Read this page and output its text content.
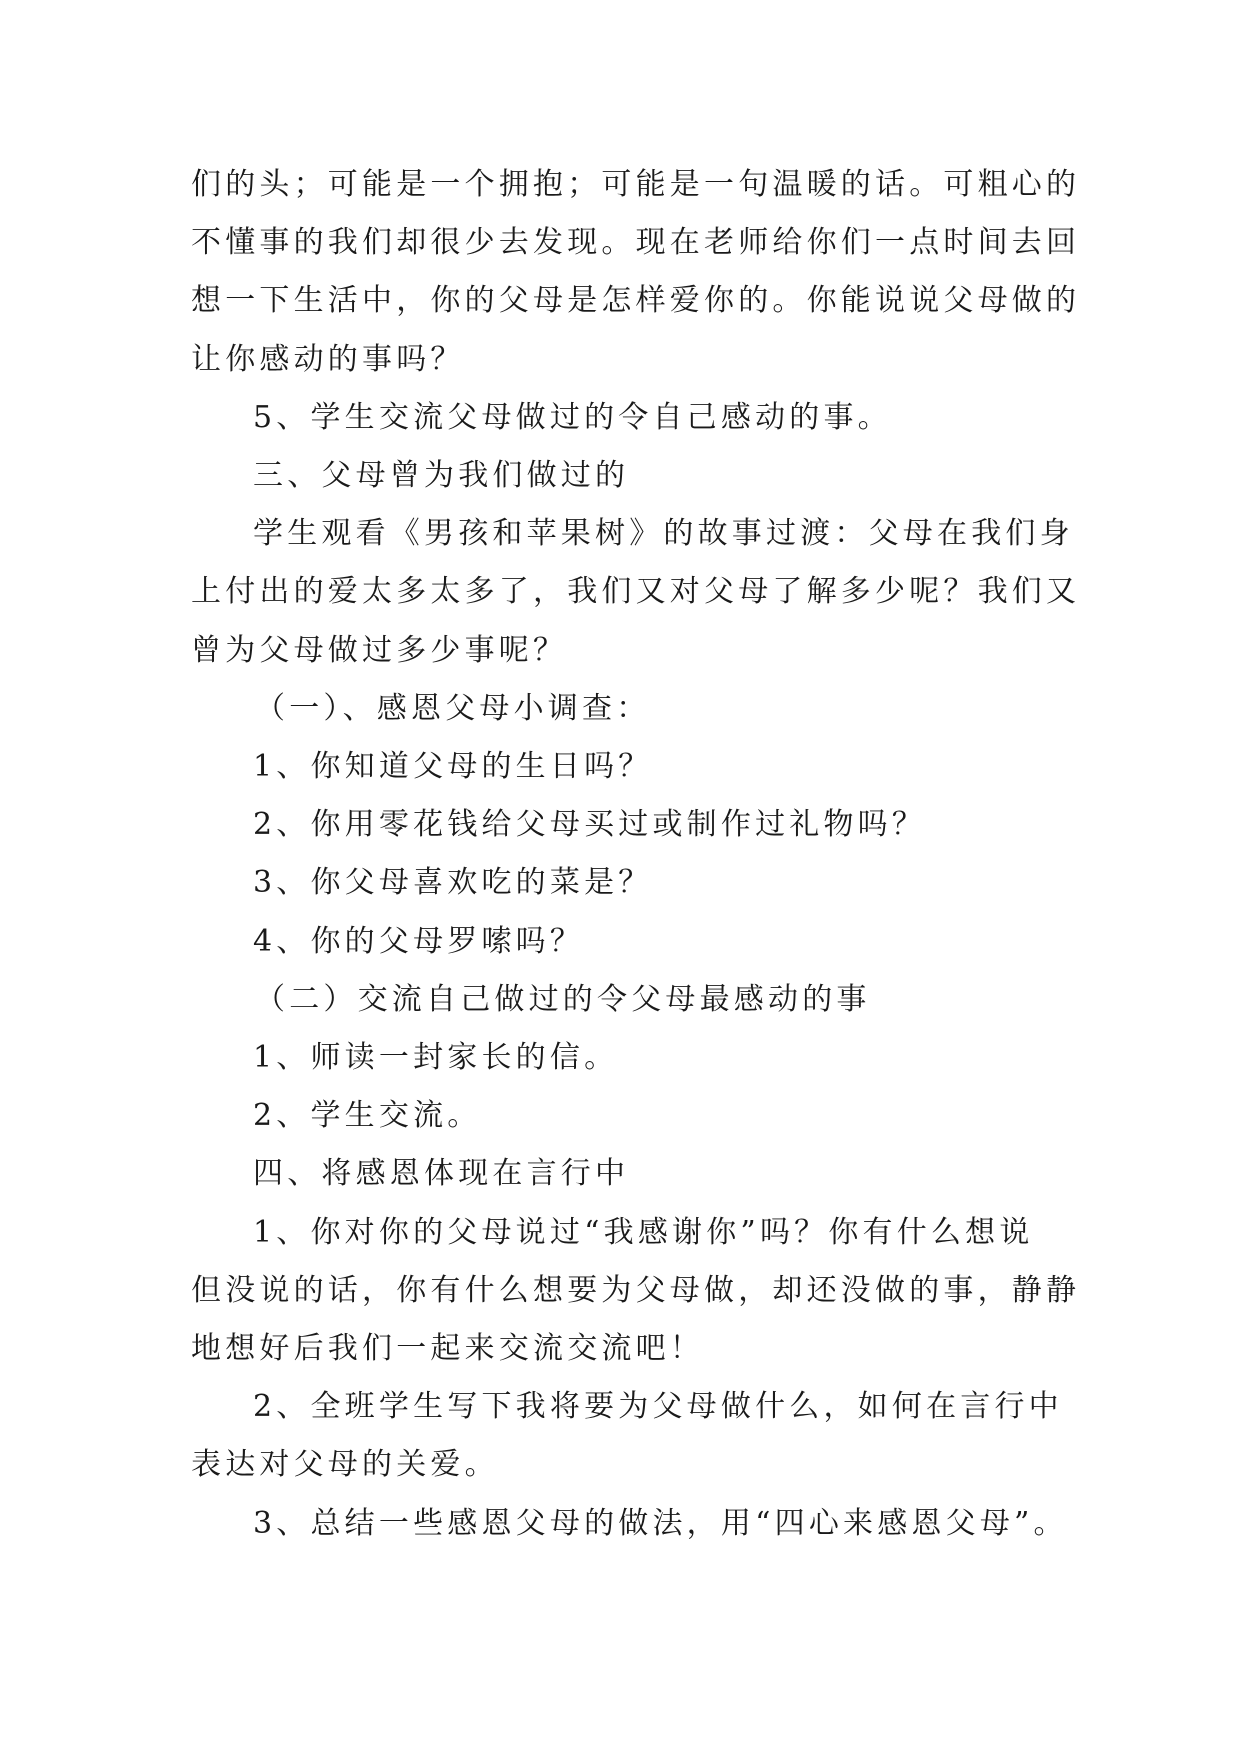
们的头；可能是一个拥抱；可能是一句温暖的话。可粗心的
不懂事的我们却很少去发现。现在老师给你们一点时间去回
想一下生活中，你的父母是怎样爱你的。你能说说父母做的
让你感动的事吗？
5、学生交流父母做过的令自己感动的事。
三、父母曾为我们做过的
学生观看《男孩和苹果树》的故事过渡：父母在我们身
上付出的爱太多太多了，我们又对父母了解多少呢？我们又
曾为父母做过多少事呢？
（一）、感恩父母小调查：
1、你知道父母的生日吗？
2、你用零花钱给父母买过或制作过礼物吗？
3、你父母喜欢吃的菜是？
4、你的父母罗嗦吗？
（二）交流自己做过的令父母最感动的事
1、师读一封家长的信。
2、学生交流。
四、将感恩体现在言行中
1、你对你的父母说过“我感谢你”吗？你有什么想说
但没说的话，你有什么想要为父母做，却还没做的事，静静
地想好后我们一起来交流交流吧！
2、全班学生写下我将要为父母做什么，如何在言行中
表达对父母的关爱。
3、总结一些感恩父母的做法，用“四心来感恩父母”。
